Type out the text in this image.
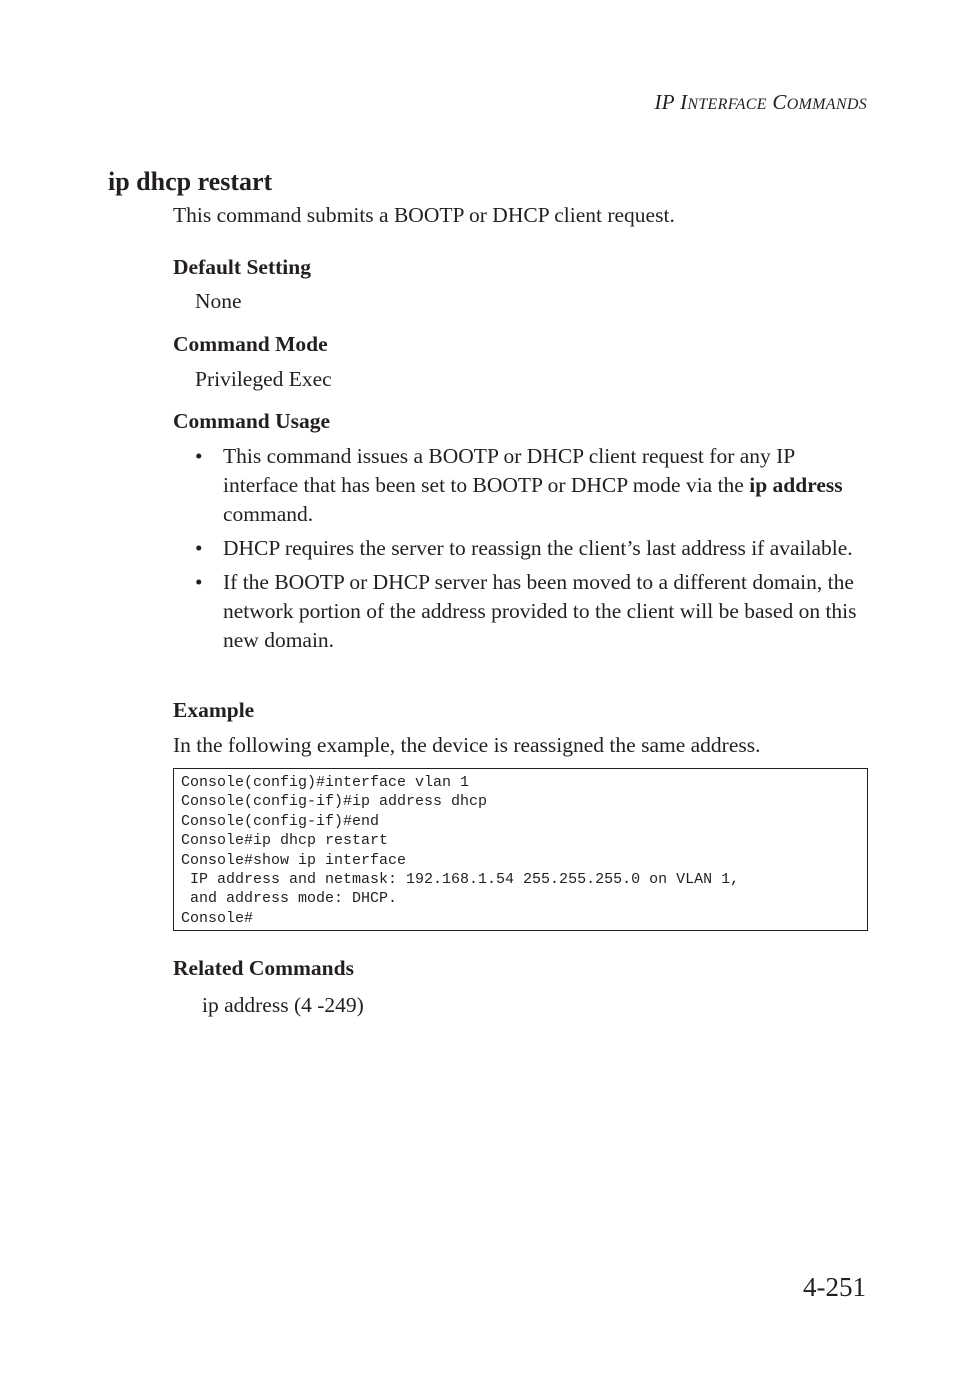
IP INTERFACE COMMANDS
ip dhcp restart

This command submits a BOOTP or DHCP client request.

Default Setting

None

Command Mode

Privileged Exec

Command Usage
• This command issues a BOOTP or DHCP client request for any IP interface that has been set to BOOTP or DHCP mode via the ip address command.
• DHCP requires the server to reassign the client’s last address if available.
• If the BOOTP or DHCP server has been moved to a different domain, the network portion of the address provided to the client will be based on this new domain.
Example

In the following example, the device is reassigned the same address.

Console(config)#interface vlan 1
Console(config-if)#ip address dhcp
Console(config-if)#end
Console#ip dhcp restart
Console#show ip interface
IP address and netmask: 192.168.1.54 255.255.255.0 on VLAN 1,
and address mode: DHCP.
Console#
Related Commands

ip address (4 -249)

4-251
